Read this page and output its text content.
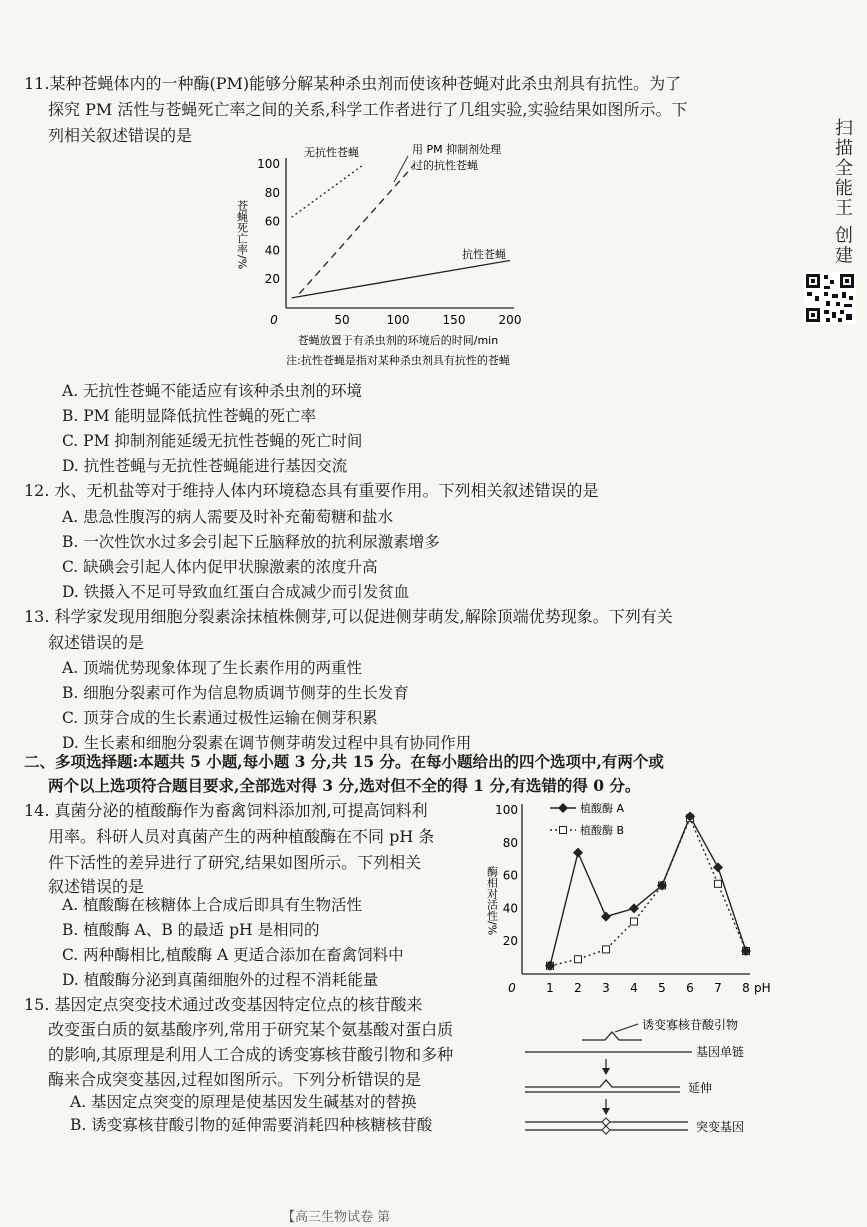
扫描全能王 创建
11.某种苍蝇体内的一种酶(PM)能够分解某种杀虫剂而使该种苍蝇对此杀虫剂具有抗性。为了
探究 PM 活性与苍蝇死亡率之间的关系,科学工作者进行了几组实验,实验结果如图所示。下
列相关叙述错误的是
0	50	100	150	200
20
40
60
80
100
苍蝇死亡率/%
苍蝇放置于有杀虫剂的环境后的时间/min
注:抗性苍蝇是指对某种杀虫剂具有抗性的苍蝇
无抗性苍蝇	用 PM 抑制剂处理
过的抗性苍蝇
抗性苍蝇
A. 无抗性苍蝇不能适应有该种杀虫剂的环境
B. PM 能明显降低抗性苍蝇的死亡率
C. PM 抑制剂能延缓无抗性苍蝇的死亡时间
D. 抗性苍蝇与无抗性苍蝇能进行基因交流
12. 水、无机盐等对于维持人体内环境稳态具有重要作用。下列相关叙述错误的是
A. 患急性腹泻的病人需要及时补充葡萄糖和盐水
B. 一次性饮水过多会引起下丘脑释放的抗利尿激素增多
C. 缺碘会引起人体内促甲状腺激素的浓度升高
D. 铁摄入不足可导致血红蛋白合成减少而引发贫血
13. 科学家发现用细胞分裂素涂抹植株侧芽,可以促进侧芽萌发,解除顶端优势现象。下列有关
叙述错误的是
A. 顶端优势现象体现了生长素作用的两重性
B. 细胞分裂素可作为信息物质调节侧芽的生长发育
C. 顶芽合成的生长素通过极性运输在侧芽积累
D. 生长素和细胞分裂素在调节侧芽萌发过程中具有协同作用
二、多项选择题:本题共 5 小题,每小题 3 分,共 15 分。在每小题给出的四个选项中,有两个或
两个以上选项符合题目要求,全部选对得 3 分,选对但不全的得 1 分,有选错的得 0 分。
14. 真菌分泌的植酸酶作为畜禽饲料添加剂,可提高饲料利
用率。科研人员对真菌产生的两种植酸酶在不同 pH 条
件下活性的差异进行了研究,结果如图所示。下列相关
叙述错误的是
A. 植酸酶在核糖体上合成后即具有生物活性
B. 植酸酶 A、B 的最适 pH 是相同的
C. 两种酶相比,植酸酶 A 更适合添加在畜禽饲料中
D. 植酸酶分泌到真菌细胞外的过程不消耗能量	0	1 2 3 4 5 6 7 8 pH
20
40
60
80
100
酶相对活性/%
植酸酶 A
植酸酶 B
15. 基因定点突变技术通过改变基因特定位点的核苷酸来
改变蛋白质的氨基酸序列,常用于研究某个氨基酸对蛋白质
的影响,其原理是利用人工合成的诱变寡核苷酸引物和多种
酶来合成突变基因,过程如图所示。下列分析错误的是
A. 基因定点突变的原理是使基因发生碱基对的替换
B. 诱变寡核苷酸引物的延伸需要消耗四种核糖核苷酸
诱变寡核苷酸引物
基因单链
延伸
突变基因
【高三生物试卷 第
